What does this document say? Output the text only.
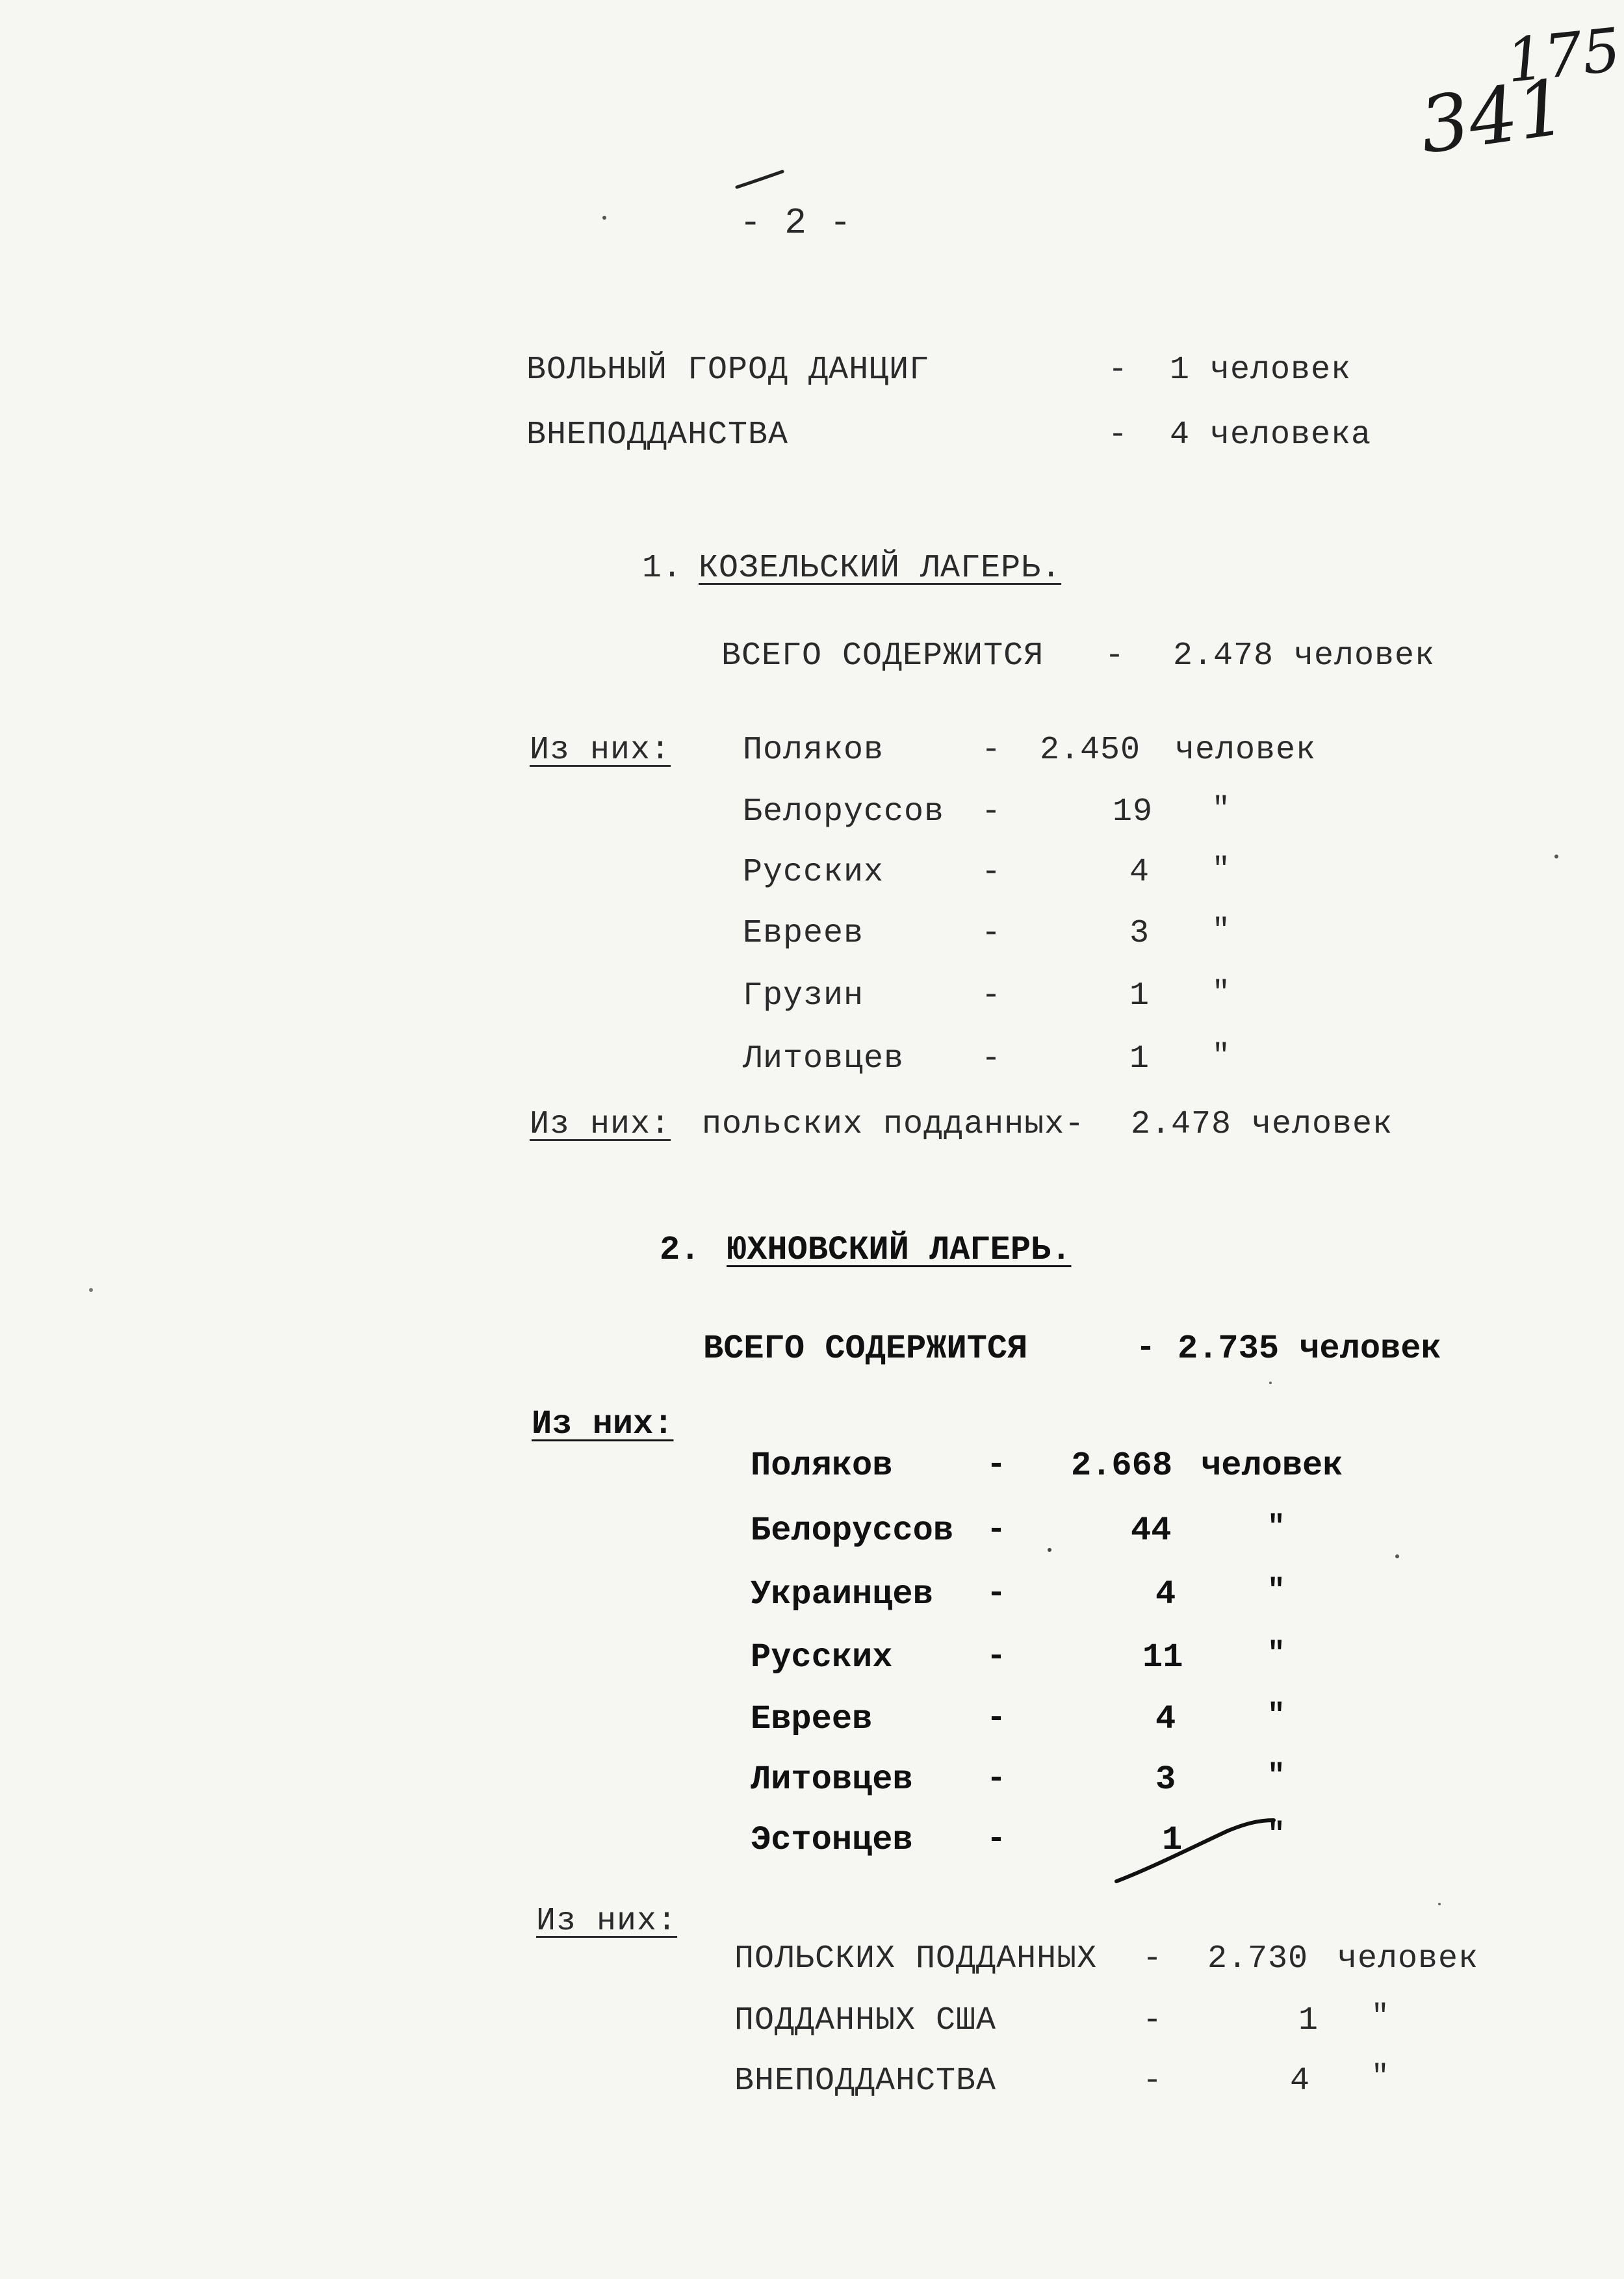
341
175
- 2 -
ВОЛЬНЫЙ ГОРОД ДАНЦИГ	- 1 человек
ВНЕПОДДАНСТВА	- 4 человека
1. КОЗЕЛЬСКИЙ ЛАГЕРЬ.
ВСЕГО СОДЕРЖИТСЯ - 2.478 человек
Из них: Поляков	- 2.450 человек
Белоруссов -	19 "
Русских	-	4 "
Евреев	-	3 "
Грузин	-	1 "
Литовцев -	1 "
Из них: польских подданных- 2.478 человек
2. ЮХНОВСКИЙ ЛАГЕРЬ.
ВСЕГО СОДЕРЖИТСЯ	- 2.735 человек
Из них:
Поляков	- 2.668 человек
Белоруссов -	44	"
Украинцев -	4	"
Русских	-	11	"
Евреев	-	4	"
Литовцев -	3	"
Эстонцев -	1	"
Из них:
ПОЛЬСКИХ ПОДДАННЫХ - 2.730 человек
ПОДДАННЫХ США	-	1 "
ВНЕПОДДАНСТВА	-	4 "
